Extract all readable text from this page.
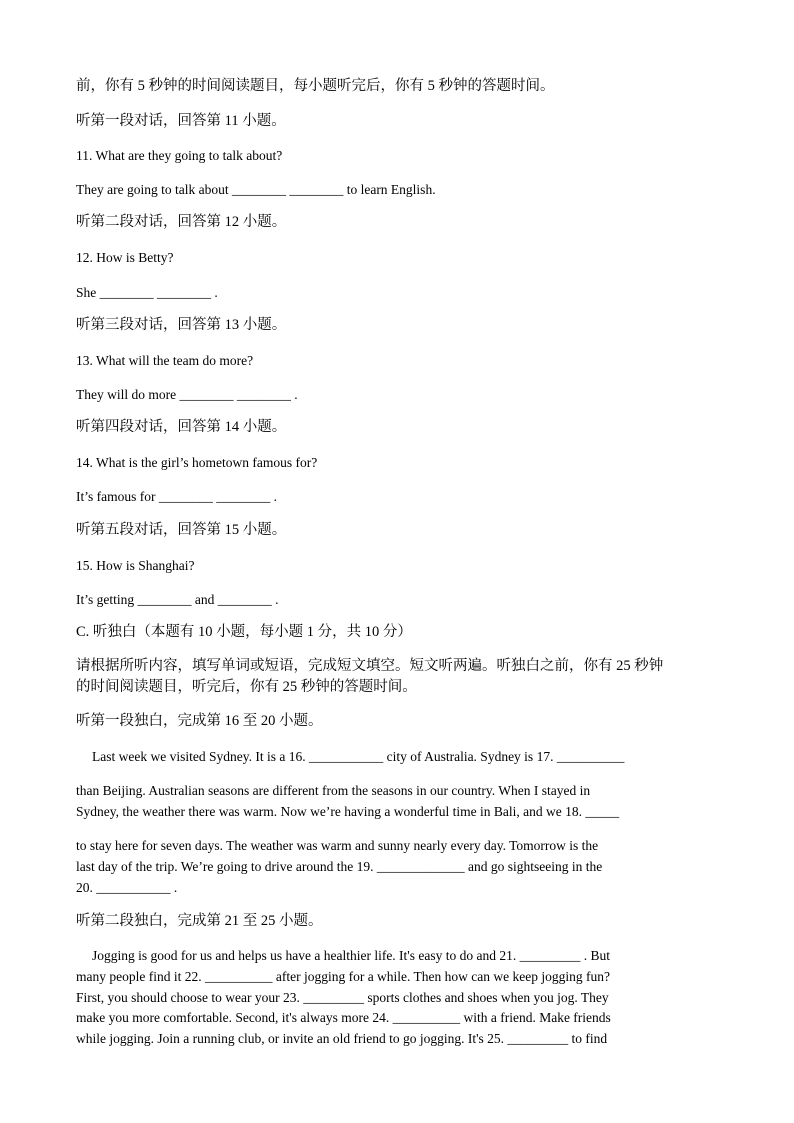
前，你有 5 秒钟的时间阅读题目，每小题听完后，你有 5 秒钟的答题时间。
听第一段对话，回答第 11 小题。
11. What are they going to talk about?
They are going to talk about ________ ________ to learn English.
听第二段对话，回答第 12 小题。
12. How is Betty?
She ________ ________ .
听第三段对话，回答第 13 小题。
13. What will the team do more?
They will do more ________ ________ .
听第四段对话，回答第 14 小题。
14. What is the girl’s hometown famous for?
It’s famous for ________ ________ .
听第五段对话，回答第 15 小题。
15. How is Shanghai?
It’s getting ________ and ________ .
C. 听独白（本题有 10 小题，每小题 1 分，共 10 分）
请根据所听内容，填写单词或短语，完成短文填空。短文听两遍。听独白之前，你有 25 秒钟
的时间阅读题目，听完后，你有 25 秒钟的答题时间。
听第一段独白，完成第 16 至 20 小题。
Last week we visited Sydney. It is a 16. ___________ city of Australia. Sydney is 17. __________
than Beijing. Australian seasons are different from the seasons in our country. When I stayed in
Sydney, the weather there was warm. Now we’re having a wonderful time in Bali, and we 18. _____
to stay here for seven days. The weather was warm and sunny nearly every day. Tomorrow is the
last day of the trip. We’re going to drive around the 19. _____________ and go sightseeing in the
20. ___________ .
听第二段独白，完成第 21 至 25 小题。
Jogging is good for us and helps us have a healthier life. It's easy to do and 21. _________ . But
many people find it 22. __________ after jogging for a while. Then how can we keep jogging fun?
First, you should choose to wear your 23. _________ sports clothes and shoes when you jog. They
make you more comfortable. Second, it's always more 24. __________ with a friend. Make friends
while jogging. Join a running club, or invite an old friend to go jogging. It's 25. _________ to find
